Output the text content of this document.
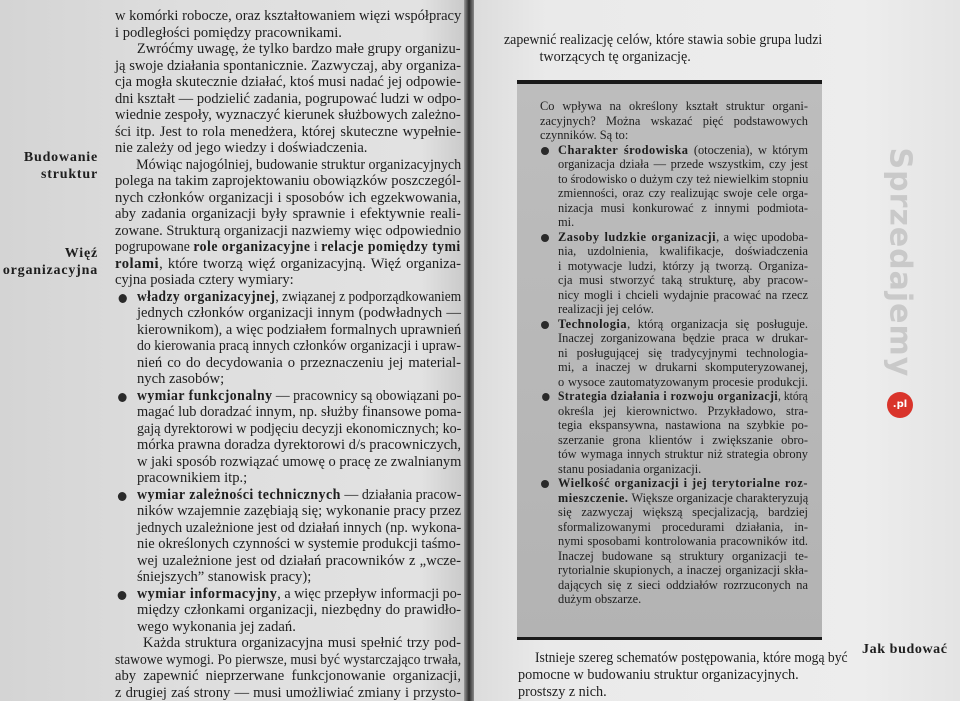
Budowanie
struktur
Więź
organizacyjna
w komórki robocze, oraz kształtowaniem więzi współpracy
i podległości pomiędzy pracownikami.
Zwróćmy uwagę, że tylko bardzo małe grupy organizu-
ją swoje działania spontanicznie. Zazwyczaj, aby organiza-
cja mogła skutecznie działać, ktoś musi nadać jej odpowie-
dni kształt — podzielić zadania, pogrupować ludzi w odpo-
wiednie zespoły, wyznaczyć kierunek służbowych zależno-
ści itp. Jest to rola menedżera, której skuteczne wypełnie-
nie zależy od jego wiedzy i doświadczenia.
Mówiąc najogólniej, budowanie struktur organizacyjnych
polega na takim zaprojektowaniu obowiązków poszczegól-
nych członków organizacji i sposobów ich egzekwowania,
aby zadania organizacji były sprawnie i efektywnie reali-
zowane. Strukturą organizacji nazwiemy więc odpowiednio
pogrupowane role organizacyjne i relacje pomiędzy tymi
rolami, które tworzą więź organizacyjną. Więź organiza-
cyjna posiada cztery wymiary:
władzy organizacyjnej, związanej z podporządkowaniem
jednych członków organizacji innym (podwładnych —
kierownikom), a więc podziałem formalnych uprawnień
do kierowania pracą innych członków organizacji i upraw-
nień co do decydowania o przeznaczeniu jej material-
nych zasobów;
wymiar funkcjonalny — pracownicy są obowiązani po-
magać lub doradzać innym, np. służby finansowe poma-
gają dyrektorowi w podjęciu decyzji ekonomicznych; ko-
mórka prawna doradza dyrektorowi d/s pracowniczych,
w jaki sposób rozwiązać umowę o pracę ze zwalnianym
pracownikiem itp.;
wymiar zależności technicznych — działania pracow-
ników wzajemnie zazębiają się; wykonanie pracy przez
jednych uzależnione jest od działań innych (np. wykona-
nie określonych czynności w systemie produkcji taśmo-
wej uzależnione jest od działań pracowników z „wcze-
śniejszych” stanowisk pracy);
wymiar informacyjny, a więc przepływ informacji po-
między członkami organizacji, niezbędny do prawidło-
wego wykonania jej zadań.
Każda struktura organizacyjna musi spełnić trzy pod-
stawowe wymogi. Po pierwsze, musi być wystarczająco trwała,
aby zapewnić nieprzerwane funkcjonowanie organizacji,
z drugiej zaś strony — musi umożliwiać zmiany i przysto-
zapewnić realizację celów, które stawia sobie grupa ludzi
tworzących tę organizację.
Co wpływa na określony kształt struktur organi-
zacyjnych? Można wskazać pięć podstawowych
czynników. Są to:
Charakter środowiska (otoczenia), w którym
organizacja działa — przede wszystkim, czy jest
to środowisko o dużym czy też niewielkim stopniu
zmienności, oraz czy realizując swoje cele orga-
nizacja musi konkurować z innymi podmiota-
mi.
Zasoby ludzkie organizacji, a więc upodoba-
nia, uzdolnienia, kwalifikacje, doświadczenia
i motywacje ludzi, którzy ją tworzą. Organiza-
cja musi stworzyć taką strukturę, aby pracow-
nicy mogli i chcieli wydajnie pracować na rzecz
realizacji jej celów.
Technologia, którą organizacja się posługuje.
Inaczej zorganizowana będzie praca w drukar-
ni posługującej się tradycyjnymi technologia-
mi, a inaczej w drukarni skomputeryzowanej,
o wysoce zautomatyzowanym procesie produkcji.
Strategia działania i rozwoju organizacji, którą
określa jej kierownictwo. Przykładowo, stra-
tegia ekspansywna, nastawiona na szybkie po-
szerzanie grona klientów i zwiększanie obro-
tów wymaga innych struktur niż strategia obrony
stanu posiadania organizacji.
Wielkość organizacji i jej terytorialne roz-
mieszczenie. Większe organizacje charakteryzują
się zazwyczaj większą specjalizacją, bardziej
sformalizowanymi procedurami działania, in-
nymi sposobami kontrolowania pracowników itd.
Inaczej budowane są struktury organizacji te-
rytorialnie skupionych, a inaczej organizacji skła-
dających się z sieci oddziałów rozrzuconych na
dużym obszarze.
Istnieje szereg schematów postępowania, które mogą być
pomocne w budowaniu struktur organizacyjnych.
prostszy z nich.
Jak budować
Sprzedajemy
.pl
